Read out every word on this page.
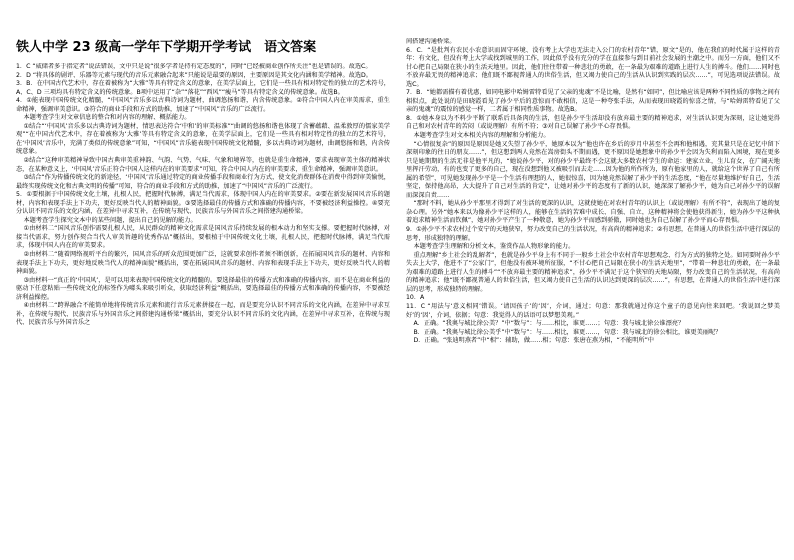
铁人中学 23 级高一学年下学期开学考试　语文答案

1．C “威储者多于指定者”说法错误，文中只是说“很多学者是持有定态度的”，同时“已经被商业创作所关注”也是错误的。故选C。

2．D “将具体的剧评、乐器等元素与现代的音乐元素融合起来”只能说是最要的原因，主要原因是其文化内涵和美学精神。故选D。

3．B．在中国古代艺术中，存在着被称为“大雅”等具有特定含义的意象，在美学层面上，它们是一些具有相对特定性的独立的艺术符号，A、C、D 三项均具有特定含义的传统意象。B项中运用了“杂”“落花”“西风”“瘦马”等具有特定含义的传统意象。故选B。

4．①能表现中国传统文化精髓，“中国风”音乐多以古典诗词为题材，曲调悠扬和谐，内含传统意象。②符合中国人内在审美需求，重生命精神，强调审美意识。③符合的商业手段和方式的助推，加速了“中国风”音乐的广泛流行。

本题考查学生对文章信息的整合和对内容的理解、概括能力。

①结合“‘中国风’音乐多以古典诗词为题材，情思表达符合‘中和’的审美标准”“曲调的悠扬和谐也体现了含蓄蕴藉、温柔敦厚的儒家美学观”“在中国古代艺术中，存在着被称为‘大雅’等具有特定含义的意象，在美学层面上，它们是一些具有相对特定性的独立的艺术符号，在‘中国风’音乐中，充满了类似的传统意象”可知，“中国风”音乐能表现中国传统文化精髓，多以古典诗词为题材，曲调悠扬和谐，内含传统意象。

②结合“这种审美精神导致中国古典审美重神韵、气韵、气势、气味、气象和境界等，也就是重生命精神，要求表现审美主体的精神状态，在某种意义上，‘中国风’音乐正符合中国人这样内在的审美要求”可知，符合中国人内在的审美要求，重生命精神，强调审美意识。

③结合“作为传播传统文化的新途径，‘中国风’音乐通过特定的商业传播手段和商业行为方式，使文化消费群体在消费中得到审美愉悦，最终实现传统文化和古典文明的传播”可知，符合的商业手段和方式的助推，加速了“中国风”音乐的广泛流行。

5．①要根据于中国传统文化土壤，扎根人民，把握时代脉搏，满足当代需求，体现中国人内在的审美要求。②要在新发展国风音乐的题材，内容和表现手法上下功夫，更好反映当代人的精神面貌。③要选择最佳的传播方式和准确的传播内容，不要被经济利益操控。④要充分认识不同音乐的文化内涵，在差异中寻求互补，在传统与现代、民族音乐与外国音乐之间搭建沟通桥梁。

本题考查学生探究文本中的某些问题，提出自己的见解的能力。

①由材料二“国风音乐创作需要扎根人民，从民群众的精神文化需求是国风音乐持续发展的根本动力和坚实支撑。要把握时代脉搏，对接当代需求，努力创作契合当代人审美旨趣的优秀作品”概括出，要根植于中国传统文化土壤，扎根人民，把握时代脉搏，满足当代需求，体现中国人内在的审美要求。

②由材料二“随着网络视听平台的繁兴，国风音乐的听众范围更加广泛，这就要求创作者须不断创新，在拓展国风音乐的题材、内容和表现手法上下功夫，更好地反映当代人的精神面貌”概括出，要在拓展国风音乐的题材、内容和表现手法上下功夫，更好反映当代人的精神面貌。

③由材料一“真正的‘中国风’，是可以用来表现中国传统文化的精髓的。要选择最佳的传播方式和准确的传播内容，而不是在商业利益的驱动下任意粘贴一些传统文化的标签作为噱头来吸引听众，获取经济利益”概括出，要选择最佳的传播方式和准确的传播内容，不要被经济利益操控。

④由材料二“跨界融合不能简单地将传统音乐元素和流行音乐元素拼接在一起，而是要充分认识不同音乐的文化内涵，在差异中寻求互补，在传统与现代、民族音乐与外国音乐之间搭建沟通桥梁”概括出，要充分认识不同音乐的文化内涵，在差异中寻求互补，在传统与现代、民族音乐与外国音乐之

间搭建沟通桥梁。

6．C．“是批判有农民小农意识而固守环境、没有考上大学也无法走入公门的农村青年”错，原文“是的，他在我们的时代属于这样的青年：有文化，但没有考上大学或找到城里的工作，因此似乎没有充分的学在直接参与到目前社会发展的主潮之中。而另一方面，他们又不甘心把自己局限在狭小的生活天地里。因此，他们往往带着一种悲壮的勇敢，在一条最为艰难的道路上进行人生的搏斗。他们……同时也不放弃最无畏的精神追求；他们既不鄙视普通人的世俗生活，但又竭力使自己的生活从认识到实践的层次……”，可见选项说法错误。故选C。

7．B．“她都需描有着优惠，如同电影中哈姆雷特看见了父亲的鬼魂”不是比喻，是然有“如同”，但比喻应该是两种不同性质的事物之间有相似点，此处说的是田晓霞看见了孙少平后的意惊而不敢相信，这是一种夸张手法，从而表现田晓霞的惊喜之情，与“哈姆雷特看见了父亲的鬼魂”的震惊的感觉一样，二者属于相同性质事物。故选B。

8．①她本身以为不料少平断了联系后具备肉的生活，但是孙少平生活却没有放弃最主要的精神追求，对生活认识更为深刻，这让她觉得自己和对农村青年的苦闷（或说理解）有所不符；③对自己误解了孙少平心存畏惧。

本题考查学生对文本相关内容的理解和分析能力。

“心情很复杂”的原因是原因是她又失望了孙少平，她原本以为“他也许在乡后的岁月中甚至不会再和他相遇，充其量只是在记忆中留下深刻印象的往日的朋友……”，但这想到两人竟然在嵩房街头不期而遇，更不原因是她想象中的孙少平会因为失利而陷入困境，现在更多只是她期期的生活无非是他平凡的，“她说孙少平，对的孙少平最终不会这就大多数农村学生的命运：建家立业，生儿育女，在广阔天地里挥汗劳动，有的也变了更多的自己，现在没想到他又被吸引而去走……因为他的所作所为，原有他家里的人，就给这个世界了自己有所属的希望”，可见她发现孙少平是一个生活有理想的人，她很惊喜，因为她竟然误解了孙少平的生活态度，“他在尽量地维护好自己，生活坚定，保持他高昂，大大提升了自己对生活的肯定”，让她对孙少平的态度有了新的认识，她深深了解孙少平，她为自己对孙少平的误解而深深自责……

“那时不料，她从孙少平那里才得到了对生活的更深的认识，这就使她在对农村青年的认识上（或说理解）有所不符”，表现出了她的复杂心理。另外“她本来以为像孙少平这样的人，能够在生活的苦难中成长、自强、自立，这种精神将会使他获得新生，她为孙少平这种执着追求精神生活而钦佩”，她对孙少平产生了一种敬意，她为孙少平而感到骄傲，同时她也为自己误解了孙少平而心存畏惧。

9．①孙少平不求农村过个安宁的天地狭窄，努力改变自己的生活状况，有高尚的精神追求；②有思想，在普通人的世俗生活中进行深层的思考，形成独特的理解。

本题考查学生理解和分析文本，鉴赏作品人物形象的能力。

重点理解“乡土社会的乱解者”，也就是孙少平身上有不同于一般乡土社会中农村青年思想观念、行为方式的独特之处。如同要时孙少平失去上大学，他进不了“公家门”，但他没有被环境所征服，“不甘心把自己局限在狭小的生活天地里”，“带着一种悲壮的勇敢，在一条最为艰难的道路上进行人生的搏斗”“不放弃最主要的精神追求”，孙少平不满足于这个狭窄的天地局限，努力改变自己的生活状况，有高尚的精神追求；他“既不鄙视普通人的世俗生活，但又竭力使自己生活的认识达到更深的层次……”，有思想，在普通人的世俗生活中进行深层的思考，形成独特的理解。

10．A

11．C “用法与‘意义相同’错误。‘请因孩子’的‘因’，介词，通过；句意：那我就通过你这个童子的意见向往来回吧。‘我说回之梦美好’的‘因’，介词，依据；句意：我觉得人的话语可以梦想美观。”

A．正确。“我奥与城比徐公美？”中“数与”：与……相比，谁更……；句意：我与城北徐公谁漂亮？

B．正确。“我奥与城比徐公美乎”中“数与”：与……相比，谁更……，句意：我与城北的徐公相比，谁更美丽呢？

D．正确。“张迪明燕者”中“相”：辅助，做……相；句意：张唐在燕为相，“不能明所”中
